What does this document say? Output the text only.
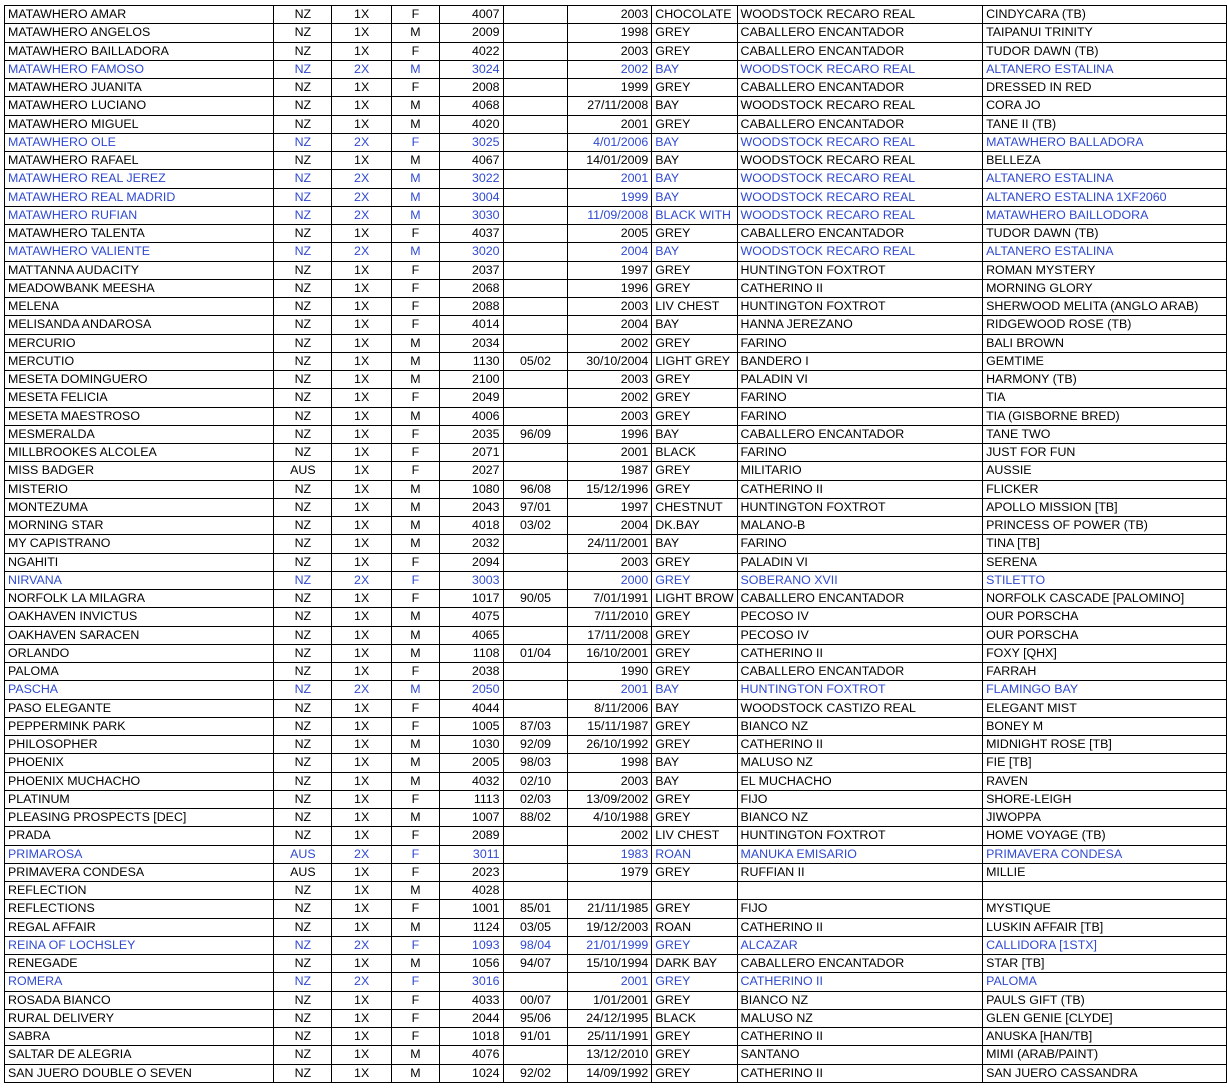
MATAWHERO AMAR	NZ	1X	F	4007		2003	CHOCOLATE	WOODSTOCK RECARO REAL	CINDYCARA (TB)
MATAWHERO ANGELOS	NZ	1X	M	2009		1998	GREY	CABALLERO ENCANTADOR	TAIPANUI TRINITY
MATAWHERO BAILLADORA	NZ	1X	F	4022		2003	GREY	CABALLERO ENCANTADOR	TUDOR DAWN (TB)
MATAWHERO FAMOSO	NZ	2X	M	3024		2002	BAY	WOODSTOCK RECARO REAL	ALTANERO ESTALINA
MATAWHERO JUANITA	NZ	1X	F	2008		1999	GREY	CABALLERO ENCANTADOR	DRESSED IN RED
MATAWHERO LUCIANO	NZ	1X	M	4068		27/11/2008	BAY	WOODSTOCK RECARO REAL	CORA JO
MATAWHERO MIGUEL	NZ	1X	M	4020		2001	GREY	CABALLERO ENCANTADOR	TANE II (TB)
MATAWHERO OLE	NZ	2X	F	3025		4/01/2006	BAY	WOODSTOCK RECARO REAL	MATAWHERO BALLADORA
MATAWHERO RAFAEL	NZ	1X	M	4067		14/01/2009	BAY	WOODSTOCK RECARO REAL	BELLEZA
MATAWHERO REAL JEREZ	NZ	2X	M	3022		2001	BAY	WOODSTOCK RECARO REAL	ALTANERO ESTALINA
MATAWHERO REAL MADRID	NZ	2X	M	3004		1999	BAY	WOODSTOCK RECARO REAL	ALTANERO ESTALINA 1XF2060
MATAWHERO RUFIAN	NZ	2X	M	3030		11/09/2008	BLACK WITH	WOODSTOCK RECARO REAL	MATAWHERO BAILLODORA
MATAWHERO TALENTA	NZ	1X	F	4037		2005	GREY	CABALLERO ENCANTADOR	TUDOR DAWN (TB)
MATAWHERO VALIENTE	NZ	2X	M	3020		2004	BAY	WOODSTOCK RECARO REAL	ALTANERO ESTALINA
MATTANNA AUDACITY	NZ	1X	F	2037		1997	GREY	HUNTINGTON FOXTROT	ROMAN MYSTERY
MEADOWBANK MEESHA	NZ	1X	F	2068		1996	GREY	CATHERINO II	MORNING GLORY
MELENA	NZ	1X	F	2088		2003	LIV CHEST	HUNTINGTON FOXTROT	SHERWOOD MELITA (ANGLO ARAB)
MELISANDA ANDAROSA	NZ	1X	F	4014		2004	BAY	HANNA JEREZANO	RIDGEWOOD ROSE (TB)
MERCURIO	NZ	1X	M	2034		2002	GREY	FARINO	BALI BROWN
MERCUTIO	NZ	1X	M	1130	05/02	30/10/2004	LIGHT GREY	BANDERO I	GEMTIME
MESETA DOMINGUERO	NZ	1X	M	2100		2003	GREY	PALADIN VI	HARMONY (TB)
MESETA FELICIA	NZ	1X	F	2049		2002	GREY	FARINO	TIA
MESETA MAESTROSO	NZ	1X	M	4006		2003	GREY	FARINO	TIA (GISBORNE BRED)
MESMERALDA	NZ	1X	F	2035	96/09	1996	BAY	CABALLERO ENCANTADOR	TANE TWO
MILLBROOKES ALCOLEA	NZ	1X	F	2071		2001	BLACK	FARINO	JUST FOR FUN
MISS BADGER	AUS	1X	F	2027		1987	GREY	MILITARIO	AUSSIE
MISTERIO	NZ	1X	M	1080	96/08	15/12/1996	GREY	CATHERINO II	FLICKER
MONTEZUMA	NZ	1X	M	2043	97/01	1997	CHESTNUT	HUNTINGTON FOXTROT	APOLLO MISSION [TB]
MORNING STAR	NZ	1X	M	4018	03/02	2004	DK.BAY	MALANO-B	PRINCESS OF POWER (TB)
MY CAPISTRANO	NZ	1X	M	2032		24/11/2001	BAY	FARINO	TINA [TB]
NGAHITI	NZ	1X	F	2094		2003	GREY	PALADIN VI	SERENA
NIRVANA	NZ	2X	F	3003		2000	GREY	SOBERANO XVII	STILETTO
NORFOLK LA MILAGRA	NZ	1X	F	1017	90/05	7/01/1991	LIGHT BROW	CABALLERO ENCANTADOR	NORFOLK CASCADE [PALOMINO]
OAKHAVEN INVICTUS	NZ	1X	M	4075		7/11/2010	GREY	PECOSO IV	OUR PORSCHA
OAKHAVEN SARACEN	NZ	1X	M	4065		17/11/2008	GREY	PECOSO IV	OUR PORSCHA
ORLANDO	NZ	1X	M	1108	01/04	16/10/2001	GREY	CATHERINO II	FOXY [QHX]
PALOMA	NZ	1X	F	2038		1990	GREY	CABALLERO ENCANTADOR	FARRAH
PASCHA	NZ	2X	M	2050		2001	BAY	HUNTINGTON FOXTROT	FLAMINGO BAY
PASO ELEGANTE	NZ	1X	F	4044		8/11/2006	BAY	WOODSTOCK CASTIZO REAL	ELEGANT MIST
PEPPERMINK PARK	NZ	1X	F	1005	87/03	15/11/1987	GREY	BIANCO NZ	BONEY M
PHILOSOPHER	NZ	1X	M	1030	92/09	26/10/1992	GREY	CATHERINO II	MIDNIGHT ROSE [TB]
PHOENIX	NZ	1X	M	2005	98/03	1998	BAY	MALUSO NZ	FIE [TB]
PHOENIX MUCHACHO	NZ	1X	M	4032	02/10	2003	BAY	EL MUCHACHO	RAVEN
PLATINUM	NZ	1X	F	1113	02/03	13/09/2002	GREY	FIJO	SHORE-LEIGH
PLEASING PROSPECTS [DEC]	NZ	1X	M	1007	88/02	4/10/1988	GREY	BIANCO NZ	JIWOPPA
PRADA	NZ	1X	F	2089		2002	LIV CHEST	HUNTINGTON FOXTROT	HOME VOYAGE (TB)
PRIMAROSA	AUS	2X	F	3011		1983	ROAN	MANUKA EMISARIO	PRIMAVERA CONDESA
PRIMAVERA CONDESA	AUS	1X	F	2023		1979	GREY	RUFFIAN II	MILLIE
REFLECTION	NZ	1X	M	4028					
REFLECTIONS	NZ	1X	F	1001	85/01	21/11/1985	GREY	FIJO	MYSTIQUE
REGAL AFFAIR	NZ	1X	M	1124	03/05	19/12/2003	ROAN	CATHERINO II	LUSKIN AFFAIR [TB]
REINA OF LOCHSLEY	NZ	2X	F	1093	98/04	21/01/1999	GREY	ALCAZAR	CALLIDORA [1STX]
RENEGADE	NZ	1X	M	1056	94/07	15/10/1994	DARK BAY	CABALLERO ENCANTADOR	STAR [TB]
ROMERA	NZ	2X	F	3016		2001	GREY	CATHERINO II	PALOMA
ROSADA BIANCO	NZ	1X	F	4033	00/07	1/01/2001	GREY	BIANCO NZ	PAULS GIFT (TB)
RURAL DELIVERY	NZ	1X	F	2044	95/06	24/12/1995	BLACK	MALUSO NZ	GLEN GENIE [CLYDE]
SABRA	NZ	1X	F	1018	91/01	25/11/1991	GREY	CATHERINO II	ANUSKA [HAN/TB]
SALTAR DE ALEGRIA	NZ	1X	M	4076		13/12/2010	GREY	SANTANO	MIMI (ARAB/PAINT)
SAN JUERO DOUBLE O SEVEN	NZ	1X	M	1024	92/02	14/09/1992	GREY	CATHERINO II	SAN JUERO CASSANDRA
